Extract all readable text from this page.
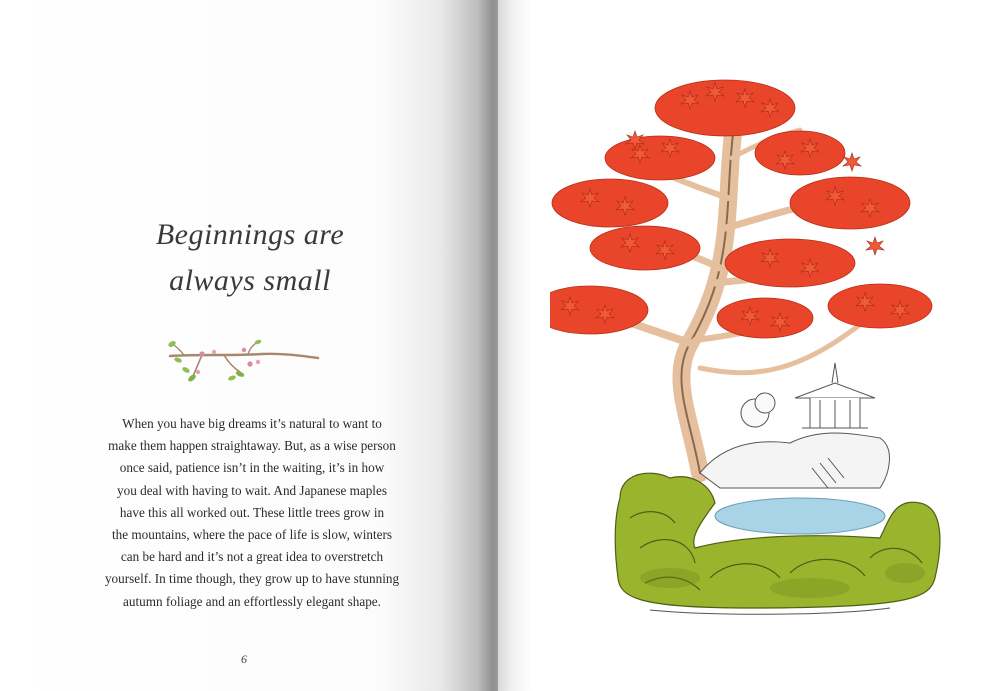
Beginnings are
always small
When you have big dreams it’s natural to want to
make them happen straightaway. But, as a wise person
once said, patience isn’t in the waiting, it’s in how
you deal with having to wait. And Japanese maples
have this all worked out. These little trees grow in
the mountains, where the pace of life is slow, winters
can be hard and it’s not a great idea to overstretch
yourself. In time though, they grow up to have stunning
autumn foliage and an effortlessly elegant shape.
6
